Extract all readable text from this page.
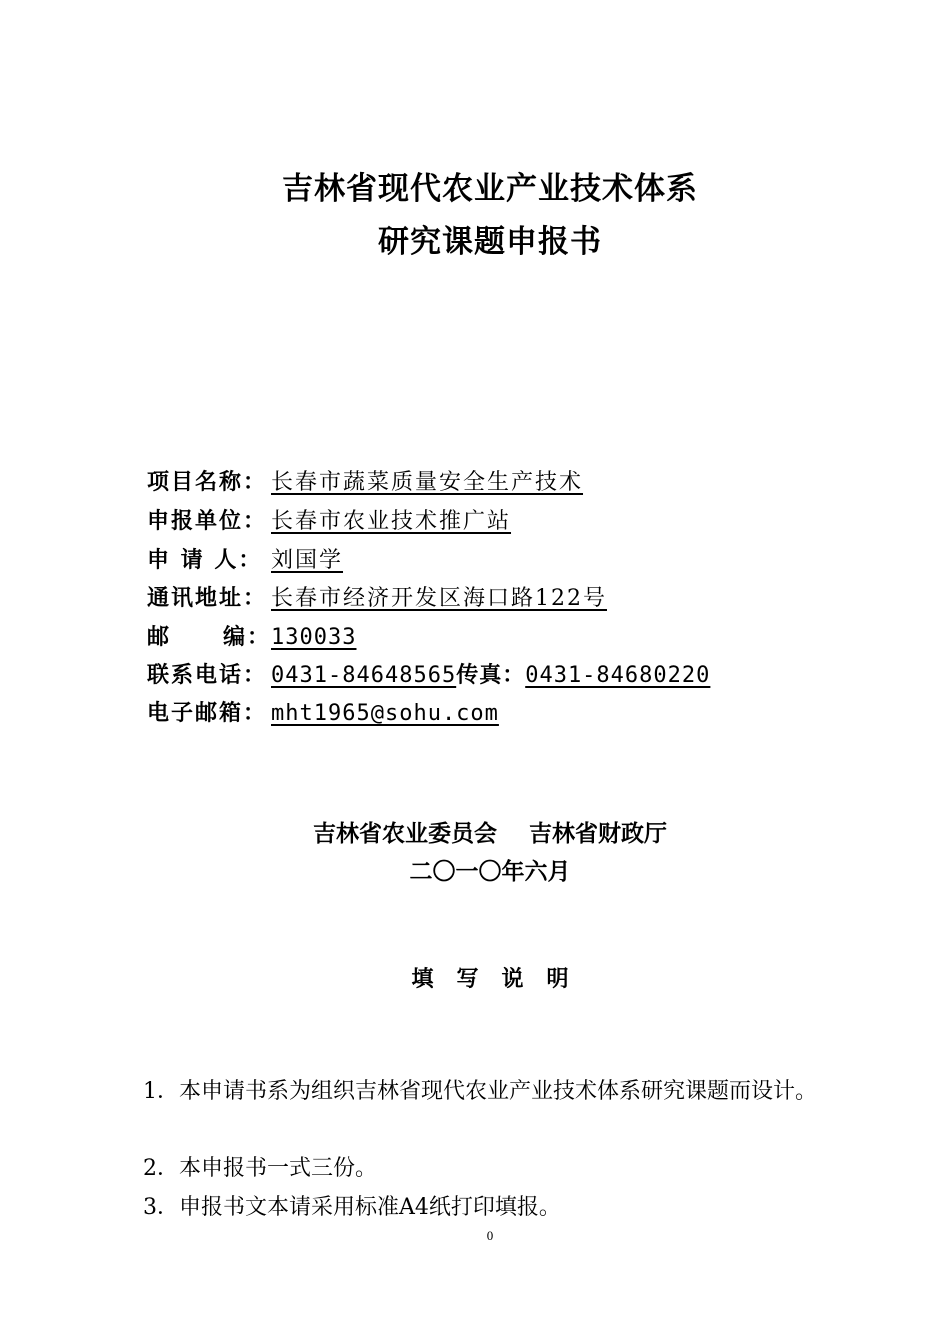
吉林省现代农业产业技术体系
研究课题申报书
项目名称： 长春市蔬菜质量安全生产技术
申报单位： 长春市农业技术推广站
申 请 人： 刘国学
通讯地址： 长春市经济开发区海口路122号
邮 编： 130033
联系电话： 0431-84648565传真：0431-84680220
电子邮箱： mht1965@sohu.com
吉林省农业委员会    吉林省财政厅
二〇一〇年六月
填   写   说   明
1．本申请书系为组织吉林省现代农业产业技术体系研究课题而设计。
2．本申报书一式三份。
3．申报书文本请采用标准A4纸打印填报。
0
